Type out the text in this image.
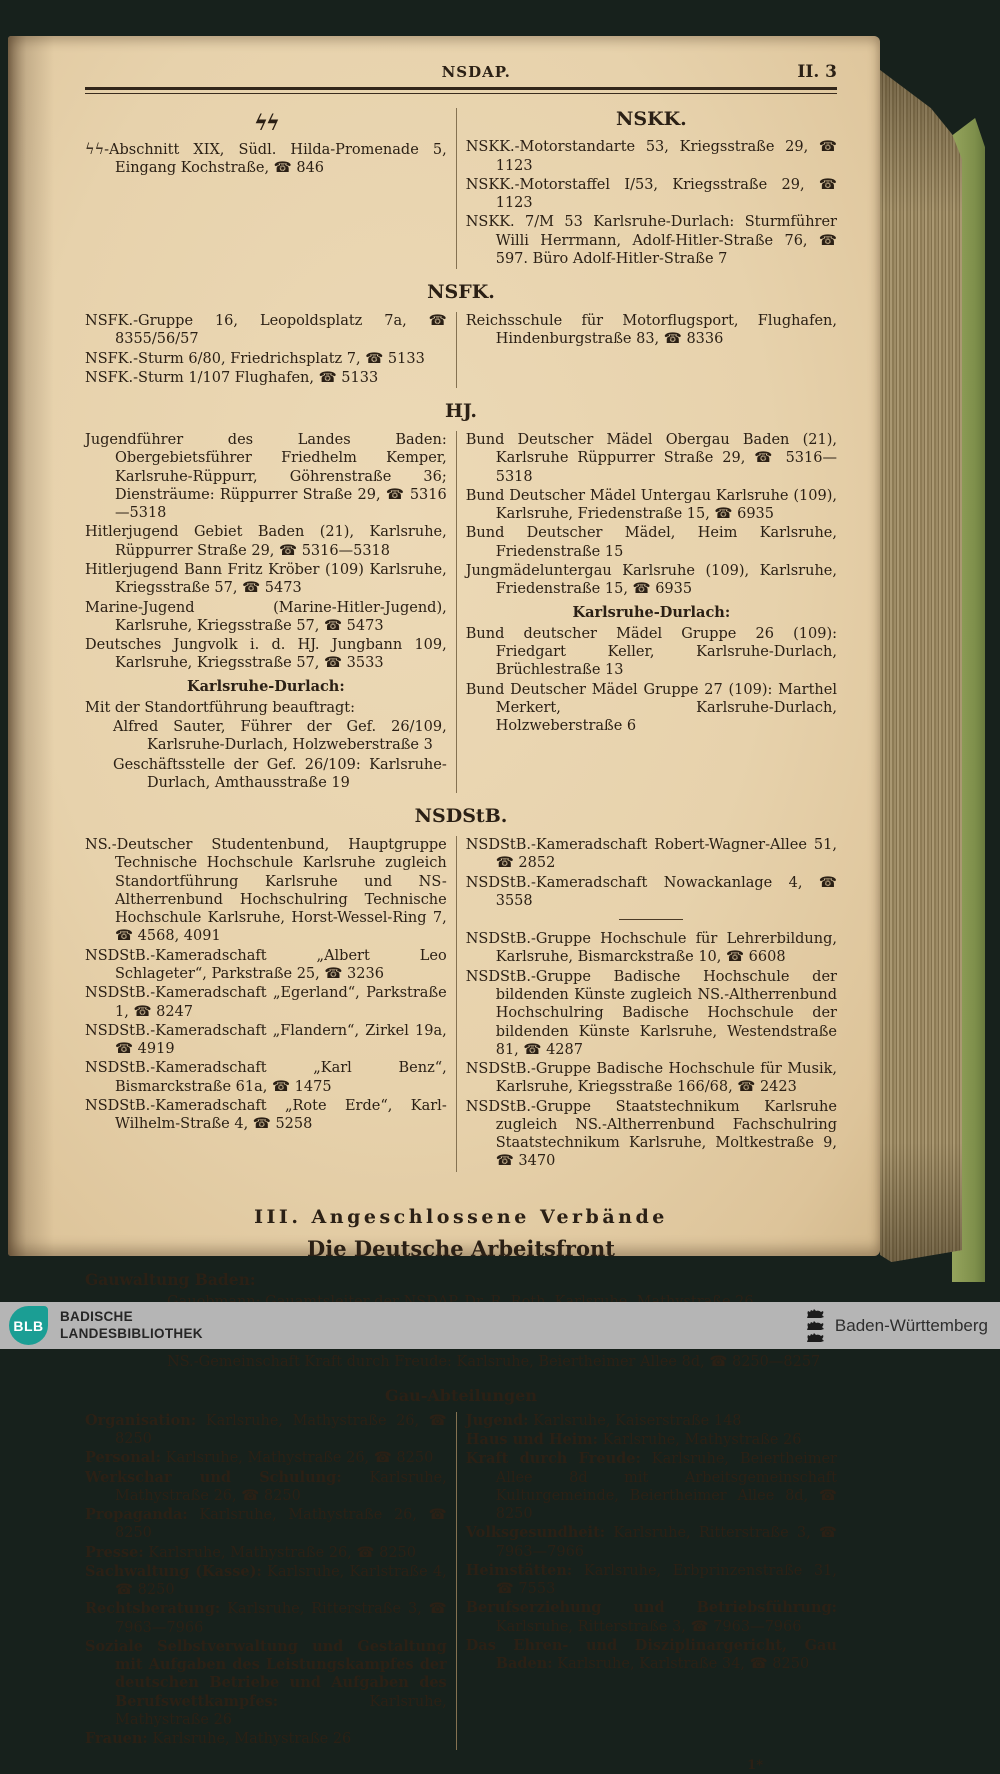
NSDAP.	II. 3
ϟϟ

ϟϟ-Abschnitt XIX, Südl. Hilda-Promenade 5, Eingang Kochstraße, ☎ 846

NSKK.

NSKK.-Motorstandarte 53, Kriegsstraße 29, ☎ 1123

NSKK.-Motorstaffel I/53, Kriegsstraße 29, ☎ 1123

NSKK. 7/M 53 Karlsruhe-Durlach: Sturmführer Willi Herrmann, Adolf-Hitler-Straße 76, ☎ 597. Büro Adolf-Hitler-Straße 7

NSFK.

NSFK.-Gruppe 16, Leopoldsplatz 7a, ☎ 8355/56/57

NSFK.-Sturm 6/80, Friedrichsplatz 7, ☎ 5133

NSFK.-Sturm 1/107 Flughafen, ☎ 5133

Reichsschule für Motorflugsport, Flughafen, Hindenburgstraße 83, ☎ 8336

HJ.

Jugendführer des Landes Baden: Obergebietsführer Friedhelm Kemper, Karlsruhe-Rüppurr, Göhrenstraße 36; Diensträume: Rüppurrer Straße 29, ☎ 5316—5318

Hitlerjugend Gebiet Baden (21), Karlsruhe, Rüppurrer Straße 29, ☎ 5316—5318

Hitlerjugend Bann Fritz Kröber (109) Karlsruhe, Kriegsstraße 57, ☎ 5473

Marine-Jugend (Marine-Hitler-Jugend), Karlsruhe, Kriegsstraße 57, ☎ 5473

Deutsches Jungvolk i. d. HJ. Jungbann 109, Karlsruhe, Kriegsstraße 57, ☎ 3533

Karlsruhe-Durlach:

Mit der Standortführung beauftragt:

Alfred Sauter, Führer der Gef. 26/109, Karlsruhe-Durlach, Holzweberstraße 3

Geschäftsstelle der Gef. 26/109: Karlsruhe-Durlach, Amthausstraße 19

Bund Deutscher Mädel Obergau Baden (21), Karlsruhe Rüppurrer Straße 29, ☎ 5316—5318

Bund Deutscher Mädel Untergau Karlsruhe (109), Karlsruhe, Friedenstraße 15, ☎ 6935

Bund Deutscher Mädel, Heim Karlsruhe, Friedenstraße 15

Jungmädeluntergau Karlsruhe (109), Karlsruhe, Friedenstraße 15, ☎ 6935

Karlsruhe-Durlach:

Bund deutscher Mädel Gruppe 26 (109): Friedgart Keller, Karlsruhe-Durlach, Brüchlestraße 13

Bund Deutscher Mädel Gruppe 27 (109): Marthel Merkert, Karlsruhe-Durlach, Holzweberstraße 6

NSDStB.

NS.-Deutscher Studentenbund, Hauptgruppe Technische Hochschule Karlsruhe zugleich Standortführung Karlsruhe und NS-Altherrenbund Hochschulring Technische Hochschule Karlsruhe, Horst-Wessel-Ring 7, ☎ 4568, 4091

NSDStB.-Kameradschaft „Albert Leo Schlageter“, Parkstraße 25, ☎ 3236

NSDStB.-Kameradschaft „Egerland“, Parkstraße 1, ☎ 8247

NSDStB.-Kameradschaft „Flandern“, Zirkel 19a, ☎ 4919

NSDStB.-Kameradschaft „Karl Benz“, Bismarckstraße 61a, ☎ 1475

NSDStB.-Kameradschaft „Rote Erde“, Karl-Wilhelm-Straße 4, ☎ 5258

NSDStB.-Kameradschaft Robert-Wagner-Allee 51, ☎ 2852

NSDStB.-Kameradschaft Nowackanlage 4, ☎ 3558

NSDStB.-Gruppe Hochschule für Lehrerbildung, Karlsruhe, Bismarckstraße 10, ☎ 6608

NSDStB.-Gruppe Badische Hochschule der bildenden Künste zugleich NS.-Altherrenbund Hochschulring Badische Hochschule der bildenden Künste Karlsruhe, Westendstraße 81, ☎ 4287

NSDStB.-Gruppe Badische Hochschule für Musik, Karlsruhe, Kriegsstraße 166/68, ☎ 2423

NSDStB.-Gruppe Staatstechnikum Karlsruhe zugleich NS.-Altherrenbund Fachschulring Staatstechnikum Karlsruhe, Moltkestraße 9, ☎ 3470

III. Angeschlossene Verbände
Die Deutsche Arbeitsfront
Gauwaltung Baden:

NS.-Gemeinschaft Kraft durch Freude: Karlsruhe, Beiertheimer Allee 8d, ☎ 8250—8257

Gau-Abteilungen

Organisation: Karlsruhe, Mathystraße 26, ☎ 8250

Personal: Karlsruhe, Mathystraße 26, ☎ 8250

Werkschar und Schulung: Karlsruhe, Mathystraße 26, ☎ 8250

Propaganda: Karlsruhe, Mathystraße 26, ☎ 8250

Presse: Karlsruhe, Mathystraße 26, ☎ 8250

Sachwaltung (Kasse): Karlsruhe, Karlstraße 4, ☎ 8250

Rechtsberatung: Karlsruhe, Ritterstraße 3, ☎ 7963—7966

Soziale Selbstverwaltung und Gestaltung mit Aufgaben des Leistungskampfes der deutschen Betriebe und Aufgaben des Berufswettkampfes:	Karlsruhe, Mathystraße 26

Frauen: Karlsruhe, Mathystraße 26

Jugend: Karlsruhe, Kaiserstraße 148

Haus und Heim: Karlsruhe, Mathystraße 26

Kraft durch Freude: Karlsruhe, Beiertheimer Allee 8d mit Arbeitsgemeinschaft Kulturgemeinde, Beiertheimer Allee 8d, ☎ 8250

Volksgesundheit: Karlsruhe, Ritterstraße 3, ☎ 7963—7966

Heimstätten: Karlsruhe, Erbprinzenstraße 31, ☎ 7553

Berufserziehung und Betriebsführung: Karlsruhe, Ritterstraße 3, ☎ 7963—7966

Das Ehren- und Disziplinargericht, Gau Baden: Karlsruhe, Karlstraße 34, ☎ 8250

1*
BLB
BADISCHE
LANDESBIBLIOTHEK	Baden-Württemberg
